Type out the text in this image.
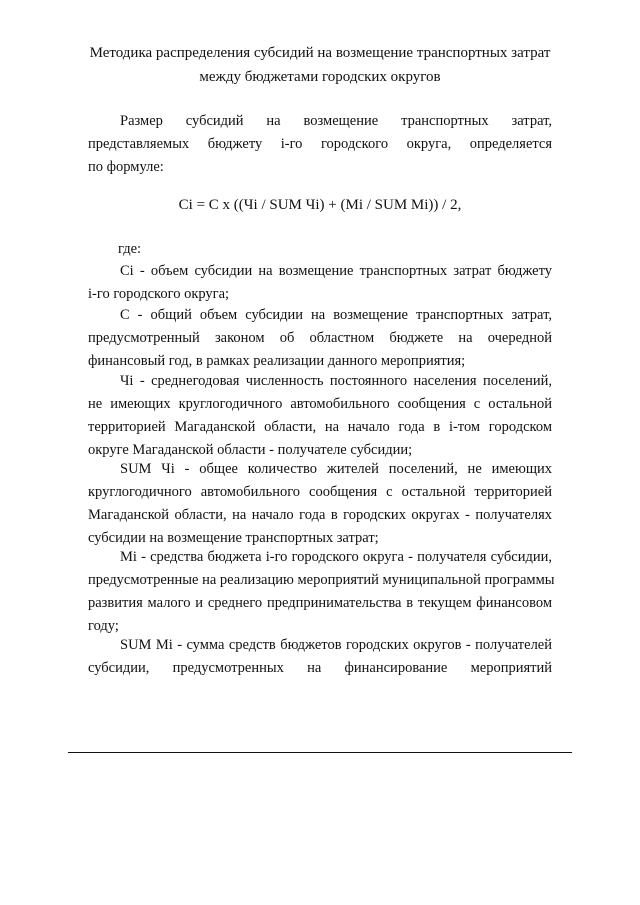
Методика распределения субсидий на возмещение транспортных затрат
между бюджетами городских округов
Размер субсидий на возмещение транспортных затрат,
представляемых бюджету i-го городского округа, определяется
по формуле:
Ci = C x ((Чi / SUM Чi) + (Mi / SUM Mi)) / 2,
где:
Ci - объем субсидии на возмещение транспортных затрат бюджету
i-го городского округа;
C - общий объем субсидии на возмещение транспортных затрат,
предусмотренный законом об областном бюджете на очередной
финансовый год, в рамках реализации данного мероприятия;
Чi - среднегодовая численность постоянного населения поселений,
не имеющих круглогодичного автомобильного сообщения с остальной
территорией Магаданской области, на начало года в i-том городском
округе Магаданской области - получателе субсидии;
SUM Чi - общее количество жителей поселений, не имеющих
круглогодичного автомобильного сообщения с остальной территорией
Магаданской области, на начало года в городских округах - получателях
субсидии на возмещение транспортных затрат;
Mi - средства бюджета i-го городского округа - получателя субсидии,
предусмотренные на реализацию мероприятий муниципальной программы
развития малого и среднего предпринимательства в текущем финансовом
году;
SUM Mi - сумма средств бюджетов городских округов - получателей
субсидии, предусмотренных на финансирование мероприятий
